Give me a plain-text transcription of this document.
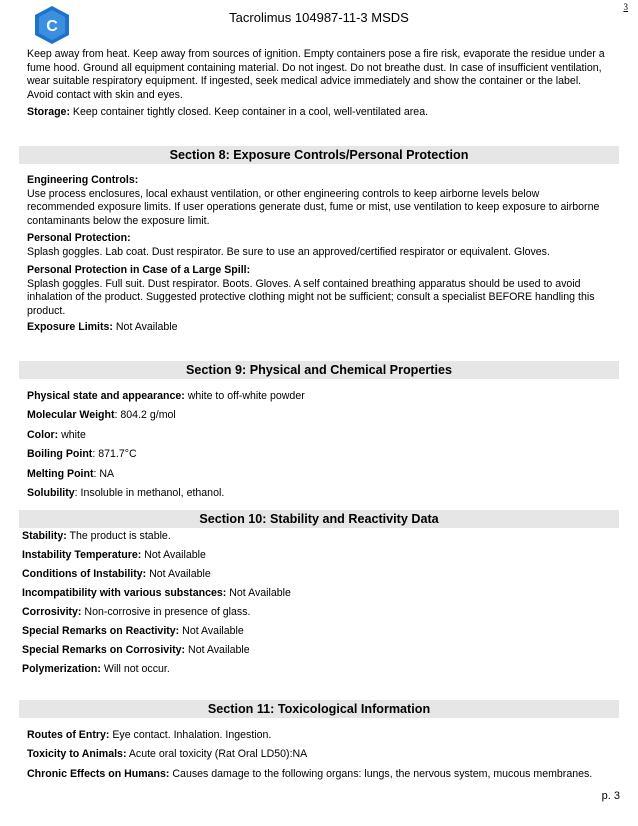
C
Tacrolimus 104987-11-3 MSDS
3
Keep away from heat. Keep away from sources of ignition. Empty containers pose a fire risk, evaporate the residue under a fume hood. Ground all equipment containing material. Do not ingest. Do not breathe dust. In case of insufficient ventilation, wear suitable respiratory equipment. If ingested, seek medical advice immediately and show the container or the label. Avoid contact with skin and eyes.
Storage: Keep container tightly closed. Keep container in a cool, well-ventilated area.
Section 8: Exposure Controls/Personal Protection
Engineering Controls:
Use process enclosures, local exhaust ventilation, or other engineering controls to keep airborne levels below recommended exposure limits. If user operations generate dust, fume or mist, use ventilation to keep exposure to airborne contaminants below the exposure limit.
Personal Protection:
Splash goggles. Lab coat. Dust respirator. Be sure to use an approved/certified respirator or equivalent. Gloves.
Personal Protection in Case of a Large Spill:
Splash goggles. Full suit. Dust respirator. Boots. Gloves. A self contained breathing apparatus should be used to avoid inhalation of the product. Suggested protective clothing might not be sufficient; consult a specialist BEFORE handling this product.
Exposure Limits: Not Available
Section 9: Physical and Chemical Properties
Physical state and appearance: white to off-white powder
Molecular Weight: 804.2 g/mol
Color: white
Boiling Point: 871.7°C
Melting Point: NA
Solubility: Insoluble in methanol, ethanol.
Section 10: Stability and Reactivity Data
Stability: The product is stable.
Instability Temperature: Not Available
Conditions of Instability: Not Available
Incompatibility with various substances: Not Available
Corrosivity: Non-corrosive in presence of glass.
Special Remarks on Reactivity: Not Available
Special Remarks on Corrosivity: Not Available
Polymerization: Will not occur.
Section 11: Toxicological Information
Routes of Entry: Eye contact. Inhalation. Ingestion.
Toxicity to Animals: Acute oral toxicity (Rat Oral LD50):NA
Chronic Effects on Humans: Causes damage to the following organs: lungs, the nervous system, mucous membranes.
p. 3
